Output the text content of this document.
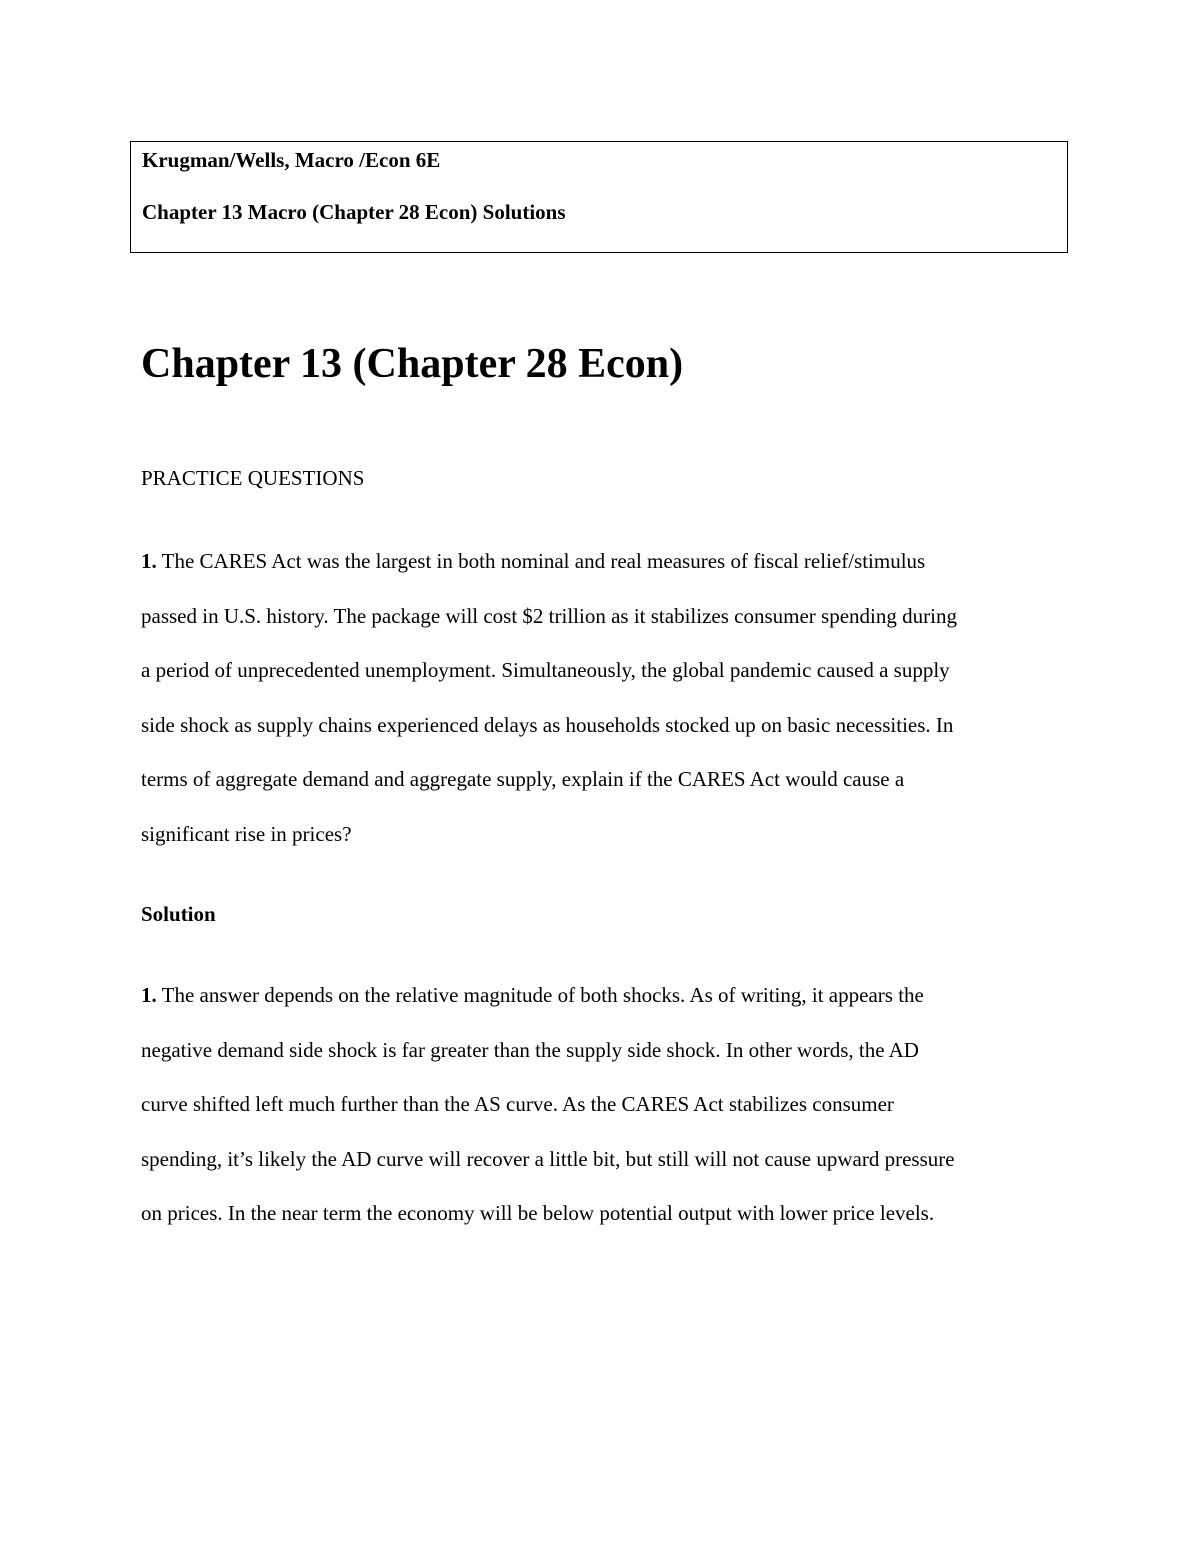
Krugman/Wells, Macro /Econ 6E
Chapter 13 Macro (Chapter 28 Econ) Solutions
Chapter 13 (Chapter 28 Econ)
PRACTICE QUESTIONS
1. The CARES Act was the largest in both nominal and real measures of fiscal relief/stimulus
passed in U.S. history. The package will cost $2 trillion as it stabilizes consumer spending during
a period of unprecedented unemployment. Simultaneously, the global pandemic caused a supply
side shock as supply chains experienced delays as households stocked up on basic necessities. In
terms of aggregate demand and aggregate supply, explain if the CARES Act would cause a
significant rise in prices?
Solution
1. The answer depends on the relative magnitude of both shocks. As of writing, it appears the
negative demand side shock is far greater than the supply side shock. In other words, the AD
curve shifted left much further than the AS curve. As the CARES Act stabilizes consumer
spending, it’s likely the AD curve will recover a little bit, but still will not cause upward pressure
on prices. In the near term the economy will be below potential output with lower price levels.
